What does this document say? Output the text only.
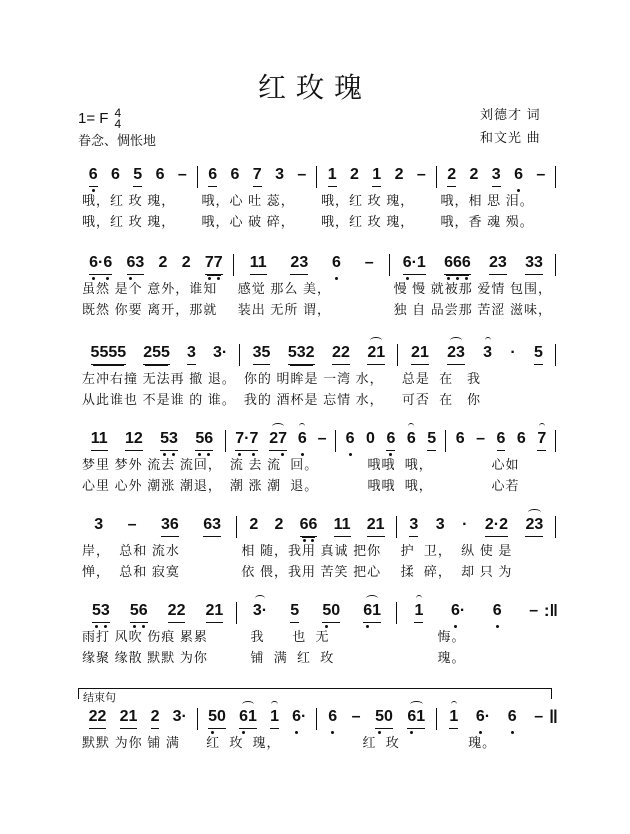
红玫瑰
1= F 4
4
眷念、惆怅地
刘德才 词
和文光 曲
结束句
6 6 5 6 –
哦，红 玫 瑰，
哦，红 玫 瑰，
6 6 7 3 –
哦，心 吐 蕊，
哦，心 破 碎，
1 2 1 2 –
哦，红 玫 瑰，
哦，红 玫 瑰，
2 2 3 6 –
哦，相 思 泪。
哦，香 魂 殒。
6·6 63 2 2 77
虽然 是个 意外，谁知
既然 你要 离开，那就
11 23 6 –
感觉 那么 美，
装出 无所 谓，
6·1 666 23 33
慢 慢 就被那 爱情 包围，
独 自 品尝那 苦涩 滋味，
5555 255 3 3·
左冲右撞 无法再 撤 退。
从此谁也 不是谁 的 谁。
35 532 22 21
你的 明眸是 一湾 水，
我的 酒杯是 忘情 水，
21 23 3 · 5
总是  在   我
可否  在   你
11 12 53 56
梦里 梦外 流去 流回，
心里 心外 潮涨 潮退，
7·7 27 6 –
流 去 流  回。
潮 涨 潮  退。
6 0 6 6 5
哦哦  哦，
哦哦  哦，
6 – 6 6 7
心如
心若
3 – 36 63
岸，  总和 流水
惮，  总和 寂寞
2 2 66 11 21
相 随，我用 真诚 把你
依 偎，我用 苦笑 把心
3 3 · 2·2 23
护  卫，  纵 使 是
揉  碎，  却 只 为
53 56 22 21
雨打 风吹 伤痕 累累
缘聚 缘散 默默 为你
3· 5 50 61
我      也  无
铺  满  红  玫
1 6· 6 –
悔。
瑰。
:‖
22 21 2 3·
默默 为你 铺 满
50 61 1 6·
红  玫  瑰，
6 – 50 61
红  玫
1 6· 6 –
瑰。
‖
